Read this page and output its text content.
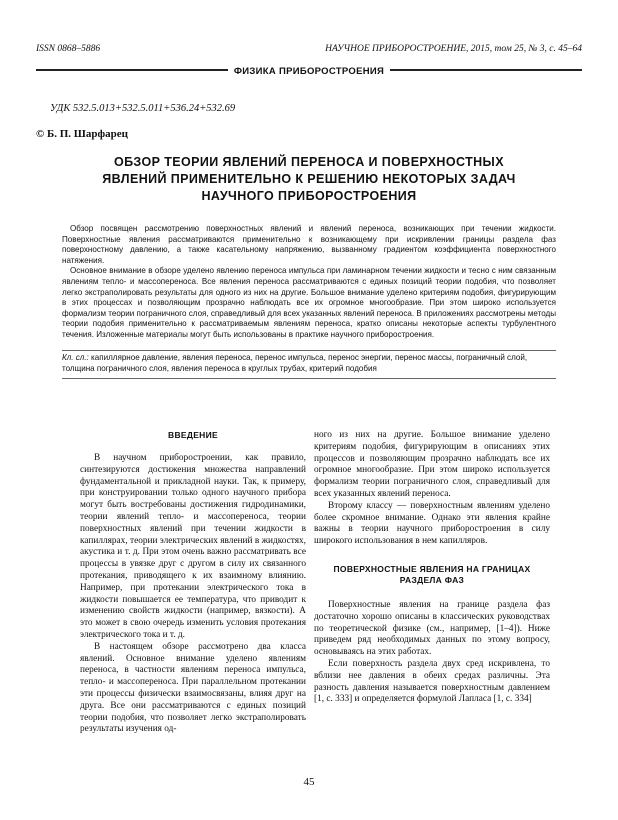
ISSN 0868–5886	НАУЧНОЕ ПРИБОРОСТРОЕНИЕ, 2015, том 25, № 3, с. 45–64
ФИЗИКА ПРИБОРОСТРОЕНИЯ
УДК 532.5.013+532.5.011+536.24+532.69
© Б. П. Шарфарец
ОБЗОР ТЕОРИИ ЯВЛЕНИЙ ПЕРЕНОСА И ПОВЕРХНОСТНЫХ ЯВЛЕНИЙ ПРИМЕНИТЕЛЬНО К РЕШЕНИЮ НЕКОТОРЫХ ЗАДАЧ НАУЧНОГО ПРИБОРОСТРОЕНИЯ

Обзор посвящен рассмотрению поверхностных явлений и явлений переноса, возникающих при течении жидкости. Поверхностные явления рассматриваются применительно к возникающему при искривлении границы раздела фаз поверхностному давлению, а также касательному напряжению, вызванному градиентом коэффициента поверхностного натяжения.

Основное внимание в обзоре уделено явлению переноса импульса при ламинарном течении жидкости и тесно с ним связанным явлениям тепло- и массопереноса. Все явления переноса рассматриваются с единых позиций теории подобия, что позволяет легко экстраполировать результаты для одного из них на другие. Большое внимание уделено критериям подобия, фигурирующим в этих процессах и позволяющим прозрачно наблюдать все их огромное многообразие. При этом широко используется формализм теории пограничного слоя, справедливый для всех указанных явлений переноса. В приложениях рассмотрены методы теории подобия применительно к рассматриваемым явлениям переноса, кратко описаны некоторые аспекты турбулентного течения. Изложенные материалы могут быть использованы в практике научного приборостроения.

Кл. сл.: капиллярное давление, явления переноса, перенос импульса, перенос энергии, перенос массы, пограничный слой, толщина пограничного слоя, явления переноса в круглых трубах, критерий подобия
ВВЕДЕНИЕ

В научном приборостроении, как правило, синтезируются достижения множества направлений фундаментальной и прикладной науки. Так, к примеру, при конструировании только одного научного прибора могут быть востребованы достижения гидродинамики, теории явлений тепло- и массопереноса, теории поверхностных явлений при течении жидкости в капиллярах, теории электрических явлений в жидкостях, акустика и т. д. При этом очень важно рассматривать все процессы в увязке друг с другом в силу их связанного протекания, приводящего к их взаимному влиянию. Например, при протекании электрического тока в жидкости повышается ее температура, что приводит к изменению свойств жидкости (например, вязкости). А это может в свою очередь изменить условия протекания электрического тока и т. д.

В настоящем обзоре рассмотрено два класса явлений. Основное внимание уделено явлениям переноса, в частности явлениям переноса импульса, тепло- и массопереноса. При параллельном протекании эти процессы физически взаимосвязаны, влияя друг на друга. Все они рассматриваются с единых позиций теории подобия, что позволяет легко экстраполировать результаты изучения од-

ного из них на другие. Большое внимание уделено критериям подобия, фигурирующим в описаниях этих процессов и позволяющим прозрачно наблюдать все их огромное многообразие. При этом широко используется формализм теории пограничного слоя, справедливый для всех указанных явлений переноса.

Второму классу — поверхностным явлениям уделено более скромное внимание. Однако эти явления крайне важны в теории научного приборостроения в силу широкого использования в нем капилляров.

ПОВЕРХНОСТНЫЕ ЯВЛЕНИЯ НА ГРАНИЦАХ РАЗДЕЛА ФАЗ

Поверхностные явления на границе раздела фаз достаточно хорошо описаны в классических руководствах по теоретической физике (см., например, [1–4]). Ниже приведем ряд необходимых данных по этому вопросу, основываясь на этих работах.

Если поверхность раздела двух сред искривлена, то вблизи нее давления в обеих средах различны. Эта разность давления называется поверхностным давлением [1, с. 333] и определяется формулой Лапласа [1, с. 334]

45
